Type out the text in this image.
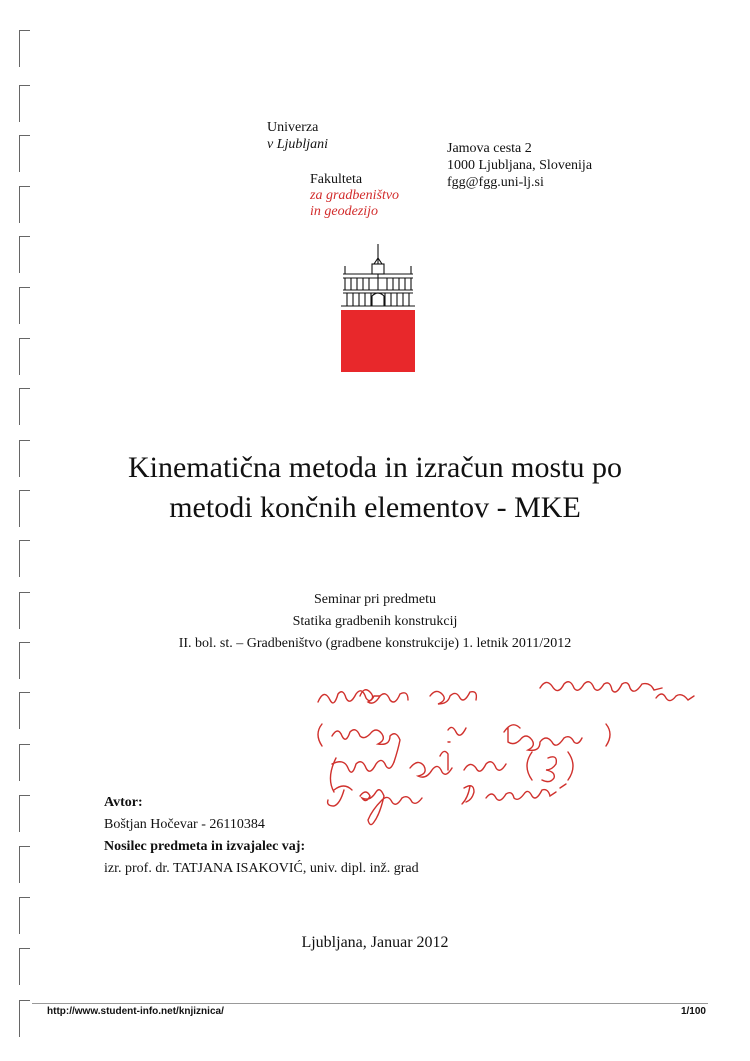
Univerza
v Ljubljani	Jamova cesta 2
1000 Ljubljana, Slovenija
fgg@fgg.uni-lj.si
Fakulteta
za gradbeništvo
in geodezijo
Kinematična metoda in izračun mostu po
metodi končnih elementov - MKE
Seminar pri predmetu
Statika gradbenih konstrukcij
II. bol. st. – Gradbeništvo (gradbene konstrukcije) 1. letnik 2011/2012
Avtor:
Boštjan Hočevar - 26110384
Nosilec predmeta in izvajalec vaj:
izr. prof. dr. TATJANA ISAKOVIĆ, univ. dipl. inž. grad
Ljubljana, Januar 2012
http://www.student-info.net/knjiznica/	1/100
